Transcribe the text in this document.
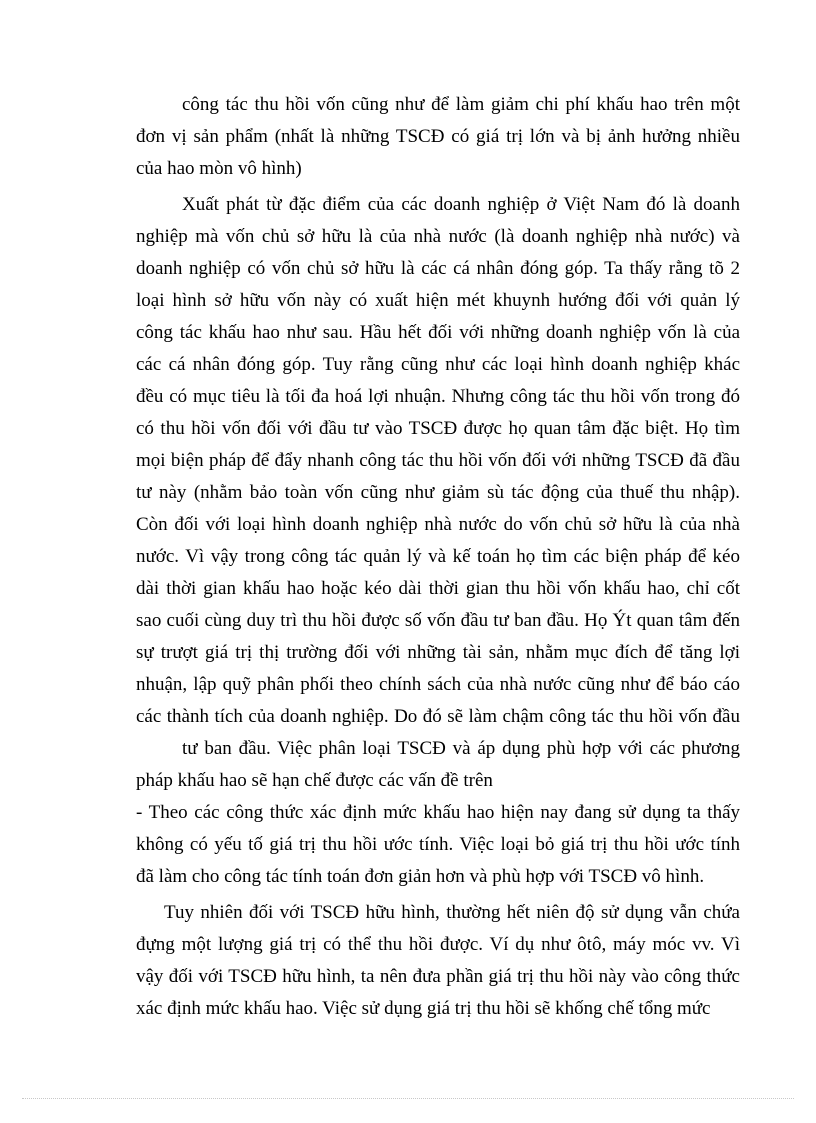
công tác thu hồi vốn cũng như để làm giảm chi phí khấu hao trên một

đơn vị sản phẩm (nhất là những TSCĐ có giá trị lớn và bị ảnh hưởng nhiều

của hao mòn vô hình)

Xuất phát từ đặc điểm của các doanh nghiệp ở Việt Nam đó là doanh

nghiệp mà vốn chủ sở hữu là của nhà nước (là doanh nghiệp nhà nước) và

doanh nghiệp có vốn chủ sở hữu là các cá nhân đóng góp. Ta thấy rằng tõ 2

loại hình sở hữu vốn này có xuất hiện mét khuynh hướng đối với quản lý

công tác khấu hao như sau. Hầu hết đối với những doanh nghiệp vốn là của

các cá nhân đóng góp. Tuy rằng cũng như các loại hình doanh nghiệp khác

đều có mục tiêu là tối đa hoá lợi nhuận. Nhưng công tác thu hồi vốn trong đó

có thu hồi vốn đối với đầu tư vào TSCĐ được họ quan tâm đặc biệt. Họ tìm

mọi biện pháp để đẩy nhanh công tác thu hồi vốn đối với những TSCĐ đã đầu

tư này (nhằm bảo toàn vốn cũng như giảm sù tác động của thuế thu nhập).

Còn đối với loại hình doanh nghiệp nhà nước do vốn chủ sở hữu là của nhà

nước. Vì vậy trong công tác quản lý và kế toán họ tìm các biện pháp để kéo

dài thời gian khấu hao hoặc kéo dài thời gian thu hồi vốn khấu hao, chỉ cốt

sao cuối cùng duy trì thu hồi được số vốn đầu tư ban đầu. Họ Ýt quan tâm đến

sự trượt giá trị thị trường đối với những tài sản, nhằm mục đích để tăng lợi

nhuận, lập quỹ phân phối theo chính sách của nhà nước cũng như để báo cáo

các thành tích của doanh nghiệp. Do đó sẽ làm chậm công tác thu hồi vốn đầu

tư ban đầu. Việc phân loại TSCĐ và áp dụng phù hợp với các phương

pháp khấu hao sẽ hạn chế được các vấn đề trên

- Theo các công thức xác định mức khấu hao hiện nay đang sử dụng ta thấy

không có yếu tố giá trị thu hồi ước tính. Việc loại bỏ giá trị thu hồi ước tính

đã làm cho công tác tính toán đơn giản hơn và phù hợp với TSCĐ vô hình.

Tuy nhiên đối với TSCĐ hữu hình, thường hết niên độ sử dụng vẫn chứa

đựng một lượng giá trị có thể thu hồi được. Ví dụ như ôtô, máy móc vv. Vì

vậy đối với TSCĐ hữu hình, ta nên đưa phần giá trị thu hồi này vào công thức

xác định mức khấu hao. Việc sử dụng giá trị thu hồi sẽ khống chế tổng mức
